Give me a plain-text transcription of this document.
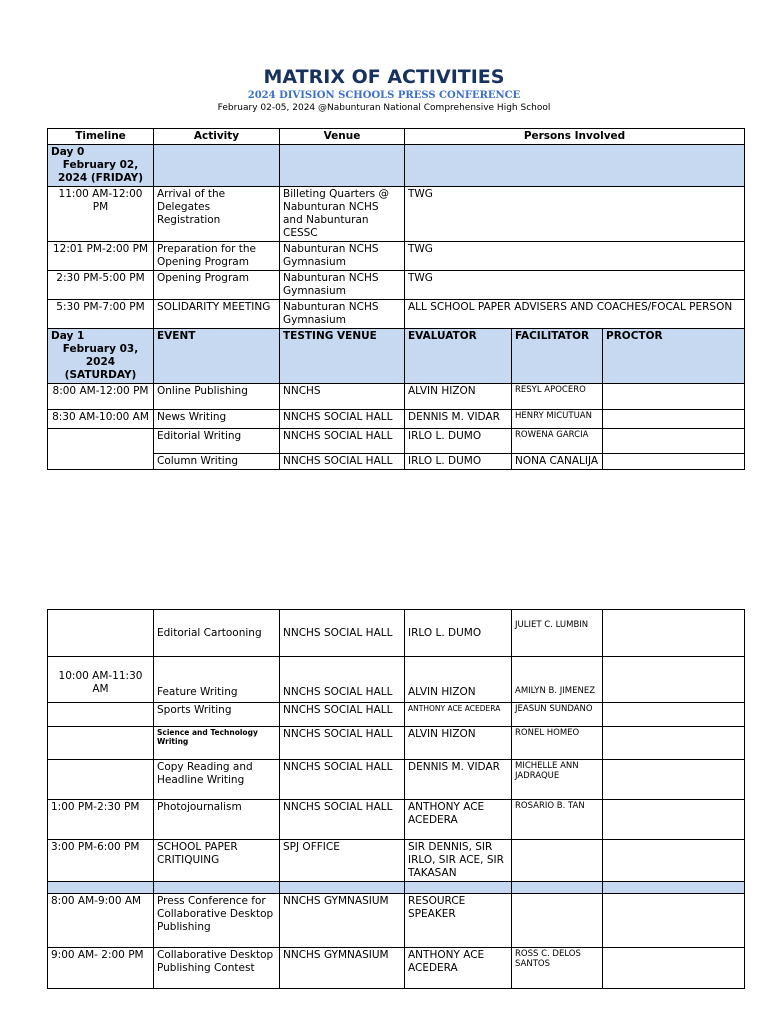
MATRIX OF ACTIVITIES
2024 DIVISION SCHOOLS PRESS CONFERENCE
February 02-05, 2024 @Nabunturan National Comprehensive High School
Timeline	Activity	Venue	Persons Involved		

Day 0
February 02, 2024 (FRIDAY)					

11:00 AM-12:00 PM	Arrival of the Delegates Registration	Billeting Quarters @ Nabunturan NCHS and Nabunturan CESSC	TWG		
12:01 PM-2:00 PM	Preparation for the Opening Program	Nabunturan NCHS Gymnasium	TWG		
2:30 PM-5:00 PM	Opening Program	Nabunturan NCHS Gymnasium	TWG		
5:30 PM-7:00 PM	SOLIDARITY MEETING	Nabunturan NCHS Gymnasium	ALL SCHOOL PAPER ADVISERS AND COACHES/FOCAL PERSON		

Day 1
February 03, 2024 (SATURDAY)	EVENT	TESTING VENUE	EVALUATOR	FACILITATOR	PROCTOR
8:00 AM-12:00 PM	Online Publishing	NNCHS	ALVIN HIZON	RESYL APOCERO	
8:30 AM-10:00 AM	News Writing	NNCHS SOCIAL HALL	DENNIS M. VIDAR	HENRY MICUTUAN	
	Editorial Writing	NNCHS SOCIAL HALL	IRLO L. DUMO	ROWENA GARCIA	
	Column Writing	NNCHS SOCIAL HALL	IRLO L. DUMO	NONA CANALIJA	
	Editorial Cartooning	NNCHS SOCIAL HALL	IRLO L. DUMO	JULIET C. LUMBIN	
10:00 AM-11:30 AM	Feature Writing	NNCHS SOCIAL HALL	ALVIN HIZON	AMILYN B. JIMENEZ	
	Sports Writing	NNCHS SOCIAL HALL	ANTHONY ACE ACEDERA	JEASUN SUNDANO	
	Science and Technology Writing	NNCHS SOCIAL HALL	ALVIN HIZON	RONEL HOMEO	
	Copy Reading and Headline Writing	NNCHS SOCIAL HALL	DENNIS M. VIDAR	MICHELLE ANN JADRAQUE	
1:00 PM-2:30 PM	Photojournalism	NNCHS SOCIAL HALL	ANTHONY ACE ACEDERA	ROSARIO B. TAN	
3:00 PM-6:00 PM	SCHOOL PAPER CRITIQUING	SPJ OFFICE	SIR DENNIS, SIR IRLO, SIR ACE, SIR TAKASAN		

8:00 AM-9:00 AM	Press Conference for Collaborative Desktop Publishing	NNCHS GYMNASIUM	RESOURCE SPEAKER		
9:00 AM- 2:00 PM	Collaborative Desktop Publishing Contest	NNCHS GYMNASIUM	ANTHONY ACE ACEDERA	ROSS C. DELOS SANTOS	
